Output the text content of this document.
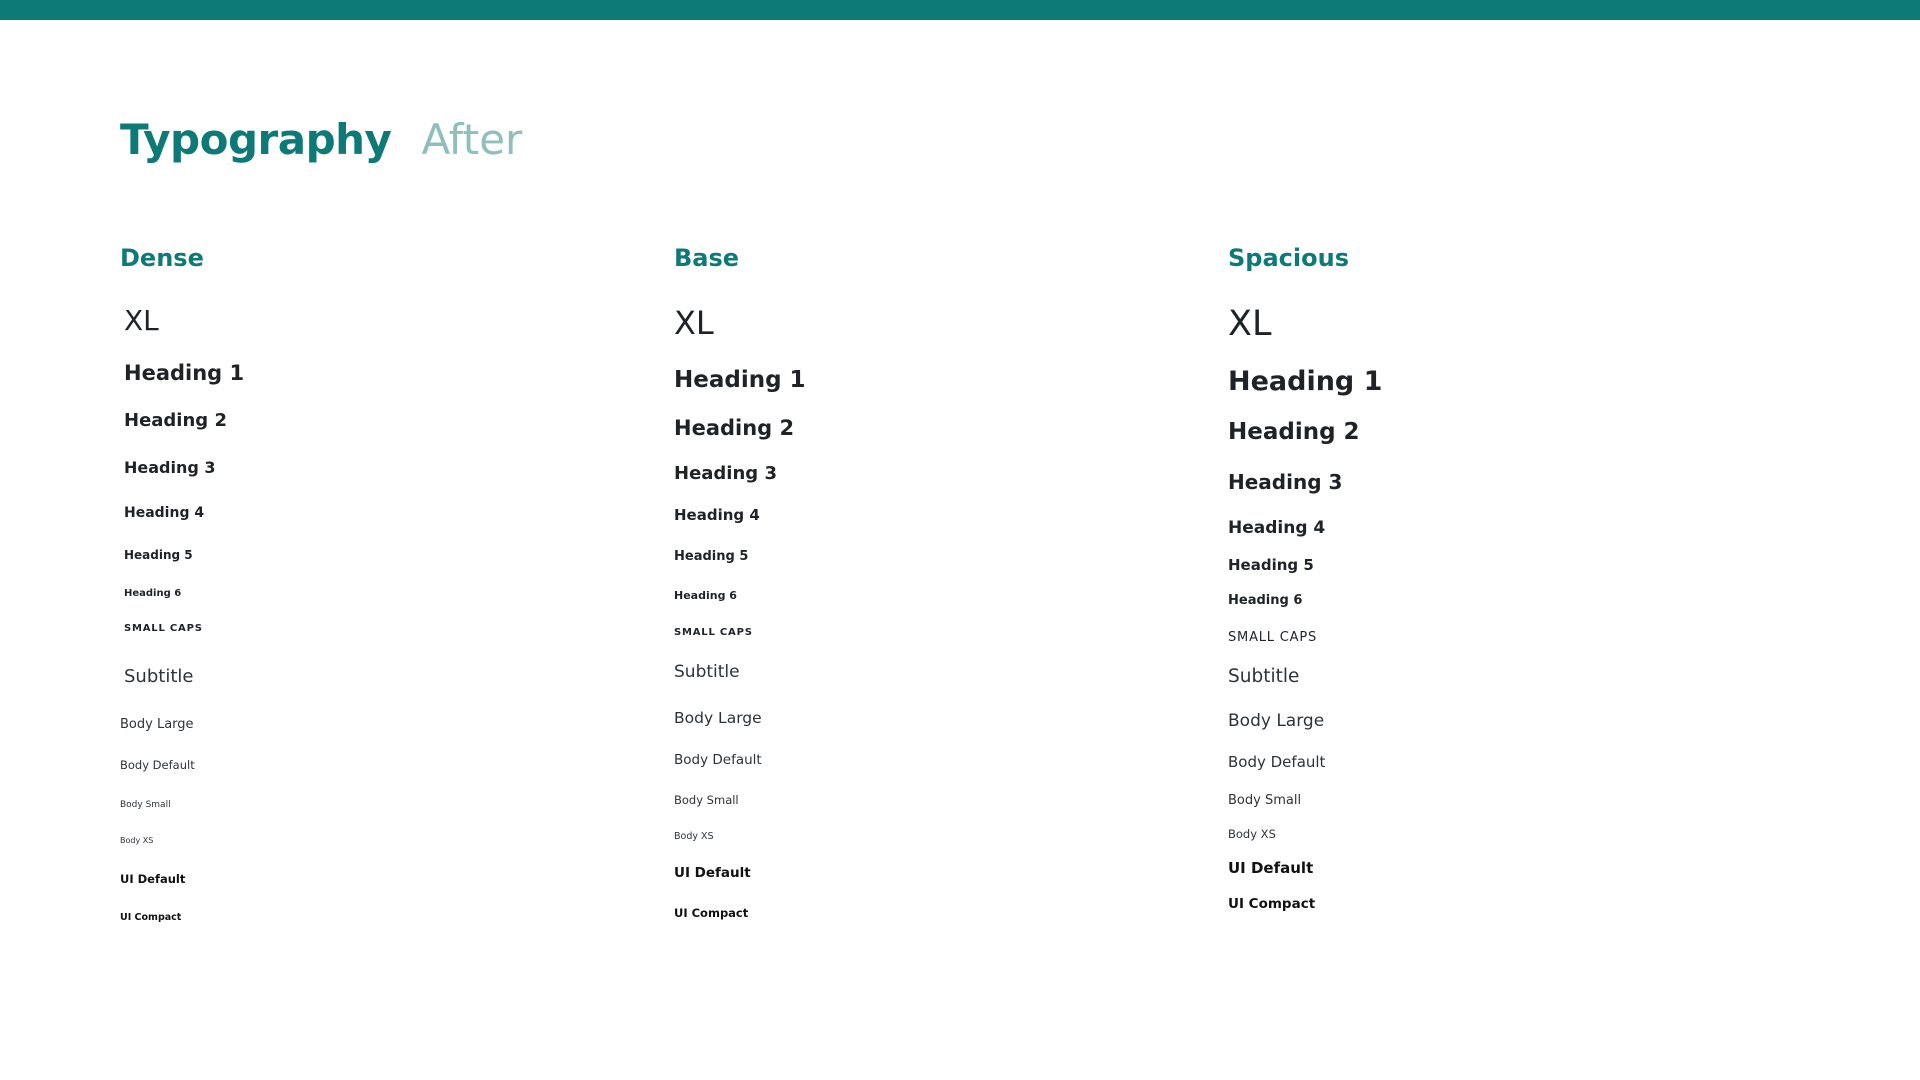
Typography After
Dense
XL
Heading 1
Heading 2
Heading 3
Heading 4
Heading 5
Heading 6
SMALL CAPS
Subtitle
Body Large
Body Default
Body Small
Body XS
UI Default
UI Compact
Base
XL
Heading 1
Heading 2
Heading 3
Heading 4
Heading 5
Heading 6
SMALL CAPS
Subtitle
Body Large
Body Default
Body Small
Body XS
UI Default
UI Compact
Spacious
XL
Heading 1
Heading 2
Heading 3
Heading 4
Heading 5
Heading 6
SMALL CAPS
Subtitle
Body Large
Body Default
Body Small
Body XS
UI Default
UI Compact
